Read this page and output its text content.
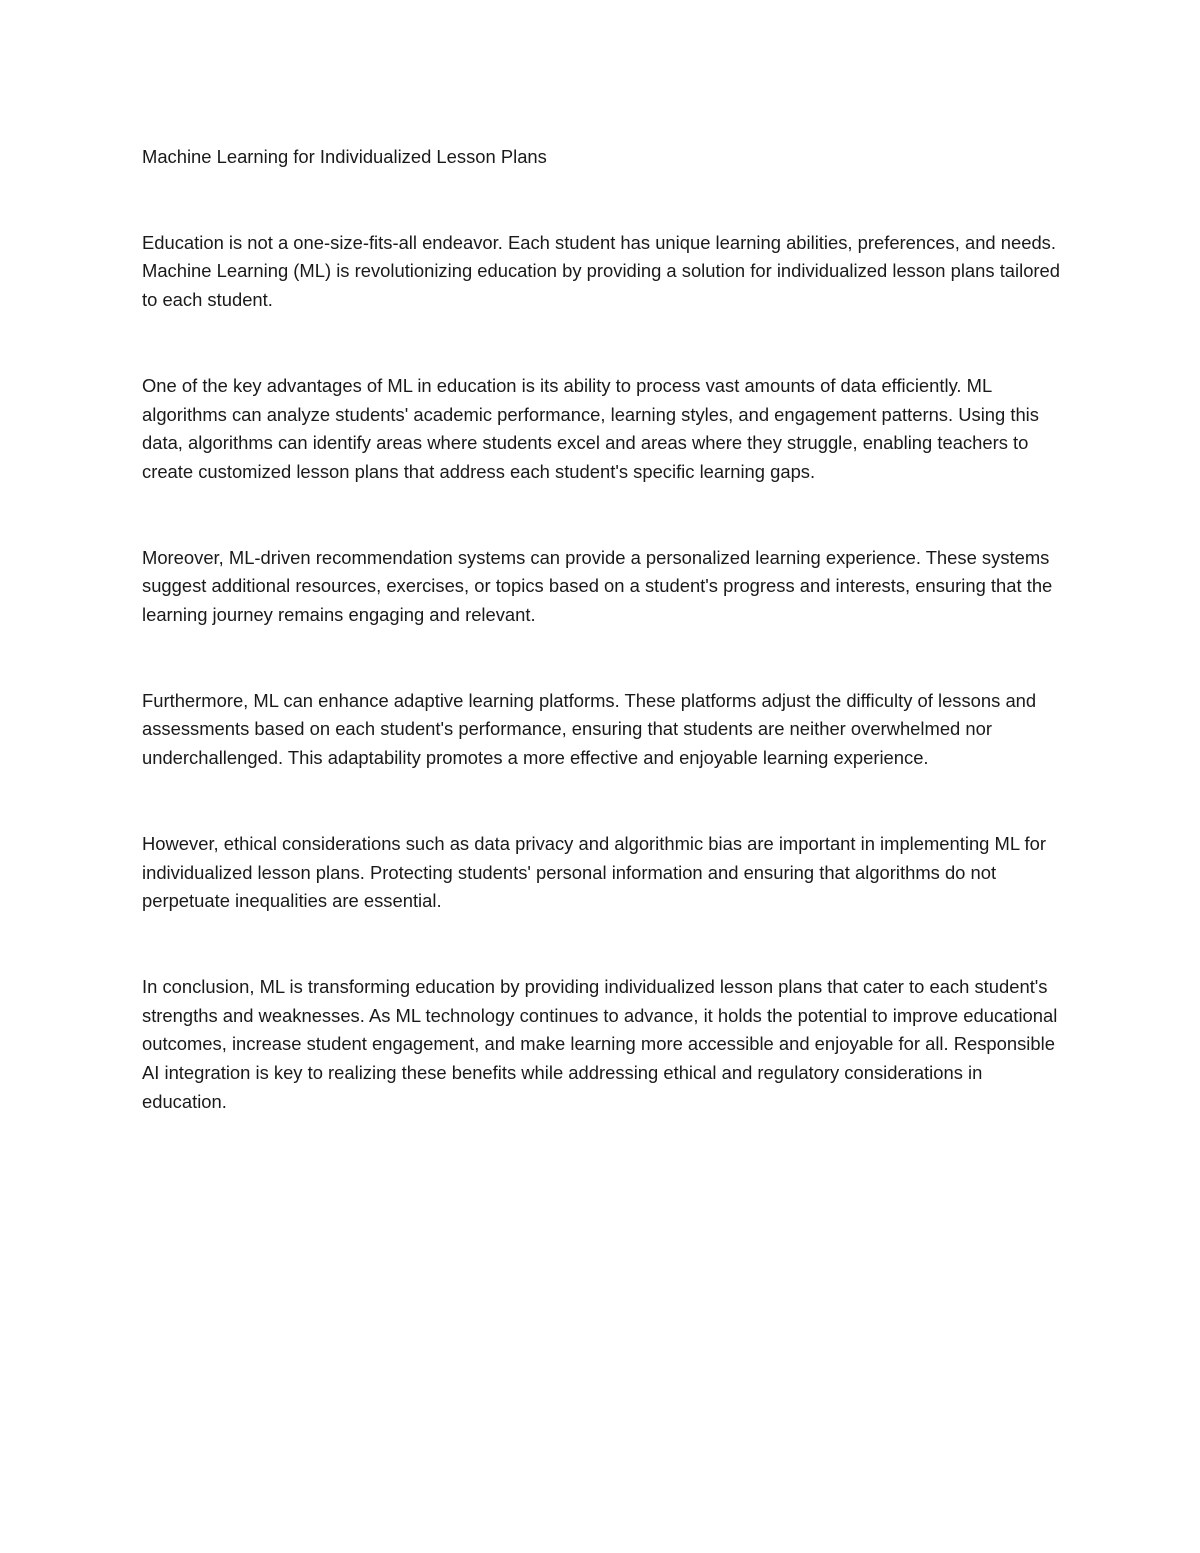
Machine Learning for Individualized Lesson Plans

Education is not a one-size-fits-all endeavor. Each student has unique learning abilities, preferences, and needs. Machine Learning (ML) is revolutionizing education by providing a solution for individualized lesson plans tailored to each student.

One of the key advantages of ML in education is its ability to process vast amounts of data efficiently. ML algorithms can analyze students' academic performance, learning styles, and engagement patterns. Using this data, algorithms can identify areas where students excel and areas where they struggle, enabling teachers to create customized lesson plans that address each student's specific learning gaps.

Moreover, ML-driven recommendation systems can provide a personalized learning experience. These systems suggest additional resources, exercises, or topics based on a student's progress and interests, ensuring that the learning journey remains engaging and relevant.

Furthermore, ML can enhance adaptive learning platforms. These platforms adjust the difficulty of lessons and assessments based on each student's performance, ensuring that students are neither overwhelmed nor underchallenged. This adaptability promotes a more effective and enjoyable learning experience.

However, ethical considerations such as data privacy and algorithmic bias are important in implementing ML for individualized lesson plans. Protecting students' personal information and ensuring that algorithms do not perpetuate inequalities are essential.

In conclusion, ML is transforming education by providing individualized lesson plans that cater to each student's strengths and weaknesses. As ML technology continues to advance, it holds the potential to improve educational outcomes, increase student engagement, and make learning more accessible and enjoyable for all. Responsible AI integration is key to realizing these benefits while addressing ethical and regulatory considerations in education.
